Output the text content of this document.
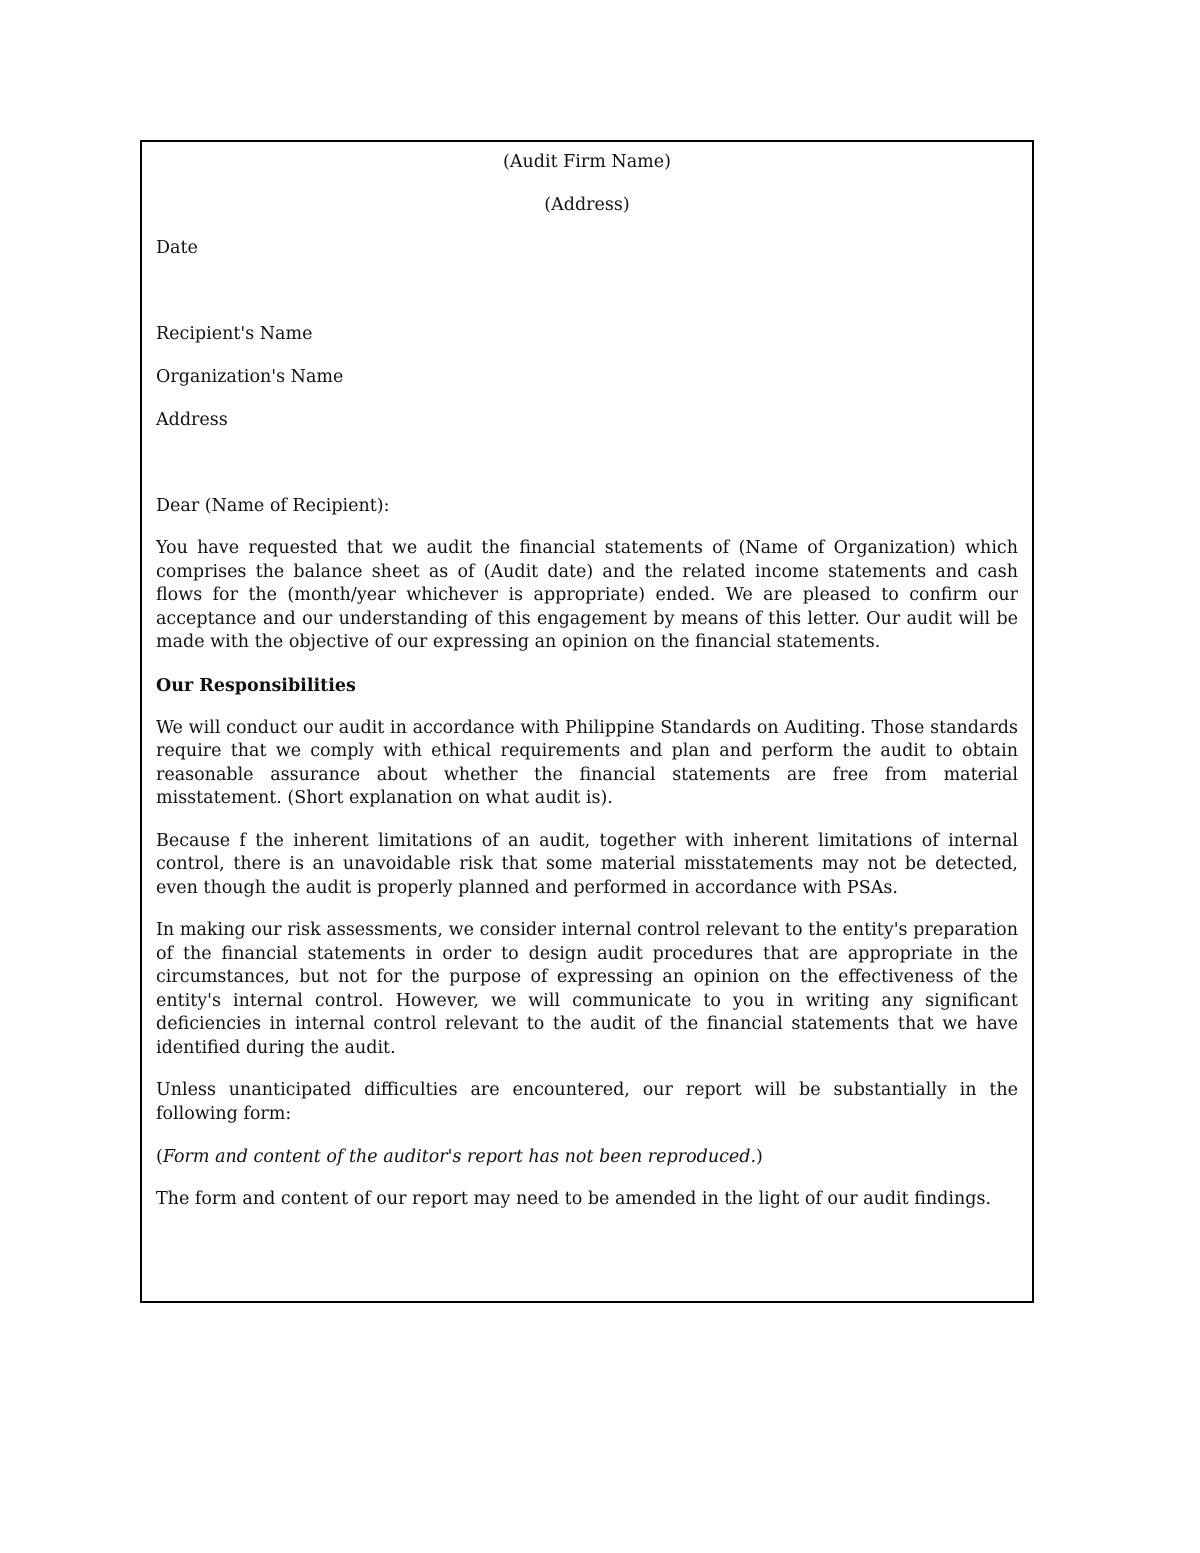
(Audit Firm Name)

(Address)

Date

Recipient's Name

Organization's Name

Address

Dear (Name of Recipient):

You have requested that we audit the financial statements of (Name of Organization) which comprises the balance sheet as of (Audit date) and the related income statements and cash flows for the (month/year whichever is appropriate) ended. We are pleased to confirm our acceptance and our understanding of this engagement by means of this letter. Our audit will be made with the objective of our expressing an opinion on the financial statements.

Our Responsibilities

We will conduct our audit in accordance with Philippine Standards on Auditing. Those standards require that we comply with ethical requirements and plan and perform the audit to obtain reasonable assurance about whether the financial statements are free from material misstatement. (Short explanation on what audit is).

Because f the inherent limitations of an audit, together with inherent limitations of internal control, there is an unavoidable risk that some material misstatements may not be detected, even though the audit is properly planned and performed in accordance with PSAs.

In making our risk assessments, we consider internal control relevant to the entity's preparation of the financial statements in order to design audit procedures that are appropriate in the circumstances, but not for the purpose of expressing an opinion on the effectiveness of the entity's internal control. However, we will communicate to you in writing any significant deficiencies in internal control relevant to the audit of the financial statements that we have identified during the audit.

Unless unanticipated difficulties are encountered, our report will be substantially in the following form:

(Form and content of the auditor's report has not been reproduced.)

The form and content of our report may need to be amended in the light of our audit findings.
